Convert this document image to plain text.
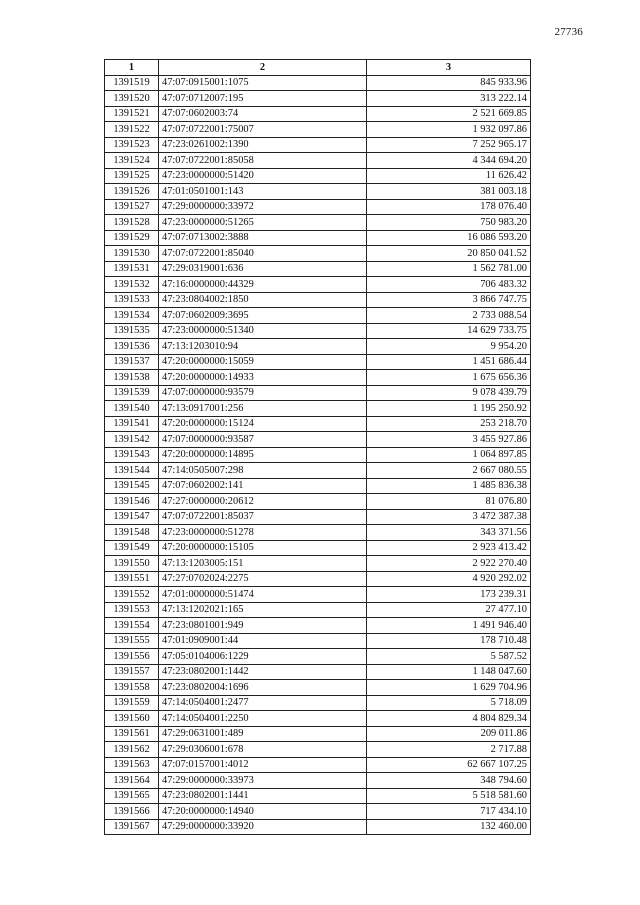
27736
1	2	3
1391519	47:07:0915001:1075	845 933.96
1391520	47:07:0712007:195	313 222.14
1391521	47:07:0602003:74	2 521 669.85
1391522	47:07:0722001:75007	1 932 097.86
1391523	47:23:0261002:1390	7 252 965.17
1391524	47:07:0722001:85058	4 344 694.20
1391525	47:23:0000000:51420	11 626.42
1391526	47:01:0501001:143	381 003.18
1391527	47:29:0000000:33972	178 076.40
1391528	47:23:0000000:51265	750 983.20
1391529	47:07:0713002:3888	16 086 593.20
1391530	47:07:0722001:85040	20 850 041.52
1391531	47:29:0319001:636	1 562 781.00
1391532	47:16:0000000:44329	706 483.32
1391533	47:23:0804002:1850	3 866 747.75
1391534	47:07:0602009:3695	2 733 088.54
1391535	47:23:0000000:51340	14 629 733.75
1391536	47:13:1203010:94	9 954.20
1391537	47:20:0000000:15059	1 451 686.44
1391538	47:20:0000000:14933	1 675 656.36
1391539	47:07:0000000:93579	9 078 439.79
1391540	47:13:0917001:256	1 195 250.92
1391541	47:20:0000000:15124	253 218.70
1391542	47:07:0000000:93587	3 455 927.86
1391543	47:20:0000000:14895	1 064 897.85
1391544	47:14:0505007:298	2 667 080.55
1391545	47:07:0602002:141	1 485 836.38
1391546	47:27:0000000:20612	81 076.80
1391547	47:07:0722001:85037	3 472 387.38
1391548	47:23:0000000:51278	343 371.56
1391549	47:20:0000000:15105	2 923 413.42
1391550	47:13:1203005:151	2 922 270.40
1391551	47:27:0702024:2275	4 920 292.02
1391552	47:01:0000000:51474	173 239.31
1391553	47:13:1202021:165	27 477.10
1391554	47:23:0801001:949	1 491 946.40
1391555	47:01:0909001:44	178 710.48
1391556	47:05:0104006:1229	5 587.52
1391557	47:23:0802001:1442	1 148 047.60
1391558	47:23:0802004:1696	1 629 704.96
1391559	47:14:0504001:2477	5 718.09
1391560	47:14:0504001:2250	4 804 829.34
1391561	47:29:0631001:489	209 011.86
1391562	47:29:0306001:678	2 717.88
1391563	47:07:0157001:4012	62 667 107.25
1391564	47:29:0000000:33973	348 794.60
1391565	47:23:0802001:1441	5 518 581.60
1391566	47:20:0000000:14940	717 434.10
1391567	47:29:0000000:33920	132 460.00
